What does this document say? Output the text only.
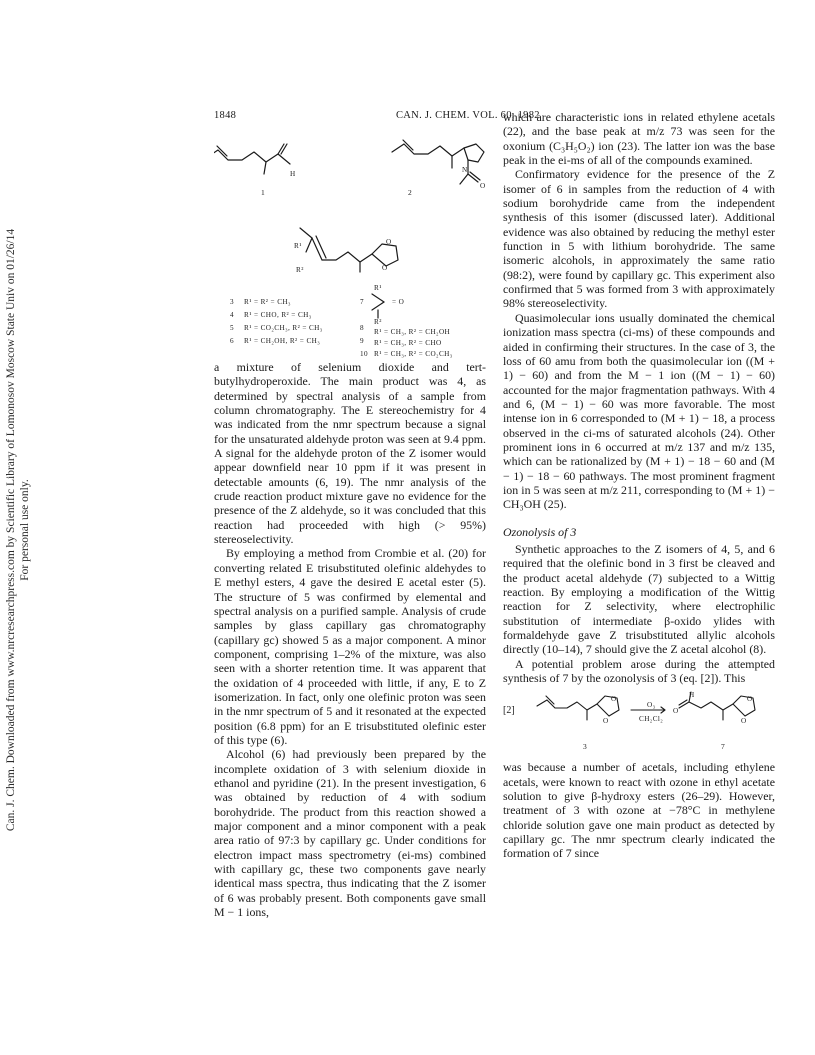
Can. J. Chem. Downloaded from www.nrcresearchpress.com by Scientific Library of Lomonosov Moscow State Univ on 01/26/14 For personal use only.
1848	CAN. J. CHEM. VOL. 60, 1982
1	2
H	N
O
R¹
R²
O
O
3 R¹ = R² = CH₃
4 R¹ = CHO, R² = CH₃
5 R¹ = CO₂CH₃, R² = CH₃
6 R¹ = CH₂OH, R² = CH₃
7
R¹
R²
= O
8 R¹ = CH₃, R² = CH₂OH
9 R¹ = CH₃, R² = CHO
10 R¹ = CH₃, R² = CO₂CH₃

a mixture of selenium dioxide and tert-butylhydroperoxide. The main product was 4, as determined by spectral analysis of a sample from column chromatography. The E stereochemistry for 4 was indicated from the nmr spectrum because a signal for the unsaturated aldehyde proton was seen at 9.4 ppm. A signal for the aldehyde proton of the Z isomer would appear downfield near 10 ppm if it was present in detectable amounts (6, 19). The nmr analysis of the crude reaction product mixture gave no evidence for the presence of the Z aldehyde, so it was concluded that this reaction had proceeded with high (> 95%) stereoselectivity.

By employing a method from Crombie et al. (20) for converting related E trisubstituted olefinic aldehydes to E methyl esters, 4 gave the desired E acetal ester (5). The structure of 5 was confirmed by elemental and spectral analysis on a purified sample. Analysis of crude samples by glass capillary gas chromatography (capillary gc) showed 5 as a major component. A minor component, comprising 1–2% of the mixture, was also seen with a shorter retention time. It was apparent that the oxidation of 4 proceeded with little, if any, E to Z isomerization. In fact, only one olefinic proton was seen in the nmr spectrum of 5 and it resonated at the expected position (6.8 ppm) for an E trisubstituted olefinic ester of this type (6).

Alcohol (6) had previously been prepared by the incomplete oxidation of 3 with selenium dioxide in ethanol and pyridine (21). In the present investigation, 6 was obtained by reduction of 4 with sodium borohydride. The product from this reaction showed a major component and a minor component with a peak area ratio of 97:3 by capillary gc. Under conditions for electron impact mass spectrometry (ei-ms) combined with capillary gc, these two components gave nearly identical mass spectra, thus indicating that the Z isomer of 6 was probably present. Both components gave small M − 1 ions,

which are characteristic ions in related ethylene acetals (22), and the base peak at m/z 73 was seen for the oxonium (C₃H₅O₂) ion (23). The latter ion was the base peak in the ei-ms of all of the compounds examined.

Confirmatory evidence for the presence of the Z isomer of 6 in samples from the reduction of 4 with sodium borohydride came from the independent synthesis of this isomer (discussed later). Additional evidence was also obtained by reducing the methyl ester function in 5 with lithium borohydride. The same isomeric alcohols, in approximately the same ratio (98:2), were found by capillary gc. This experiment also confirmed that 5 was formed from 3 with approximately 98% stereoselectivity.

Quasimolecular ions usually dominated the chemical ionization mass spectra (ci-ms) of these compounds and aided in confirming their structures. In the case of 3, the loss of 60 amu from both the quasimolecular ion ((M + 1) − 60) and from the M − 1 ion ((M − 1) − 60) accounted for the major fragmentation pathways. With 4 and 6, (M − 1) − 60 was more favorable. The most intense ion in 6 corresponded to (M + 1) − 18, a process observed in the ci-ms of saturated alcohols (24). Other prominent ions in 6 occurred at m/z 137 and m/z 135, which can be rationalized by (M + 1) − 18 − 60 and (M − 1) − 18 − 60 pathways. The most prominent fragment ion in 5 was seen at m/z 211, corresponding to (M + 1) − CH₃OH (25).

Ozonolysis of 3

Synthetic approaches to the Z isomers of 4, 5, and 6 required that the olefinic bond in 3 first be cleaved and the product acetal aldehyde (7) subjected to a Wittig reaction. By employing a modification of the Wittig reaction for Z selectivity, where electrophilic substitution of intermediate β-oxido ylides with formaldehyde gave Z trisubstituted allylic alcohols directly (10–14), 7 should give the Z acetal alcohol (8).

A potential problem arose during the attempted synthesis of 7 by the ozonolysis of 3 (eq. [2]). This

[2]
O
O
O
H	O
O
O₃
CH₂Cl₂
3	7

was because a number of acetals, including ethylene acetals, were known to react with ozone in ethyl acetate solution to give β-hydroxy esters (26–29). However, treatment of 3 with ozone at −78°C in methylene chloride solution gave one main product as detected by capillary gc. The nmr spectrum clearly indicated the formation of 7 since
